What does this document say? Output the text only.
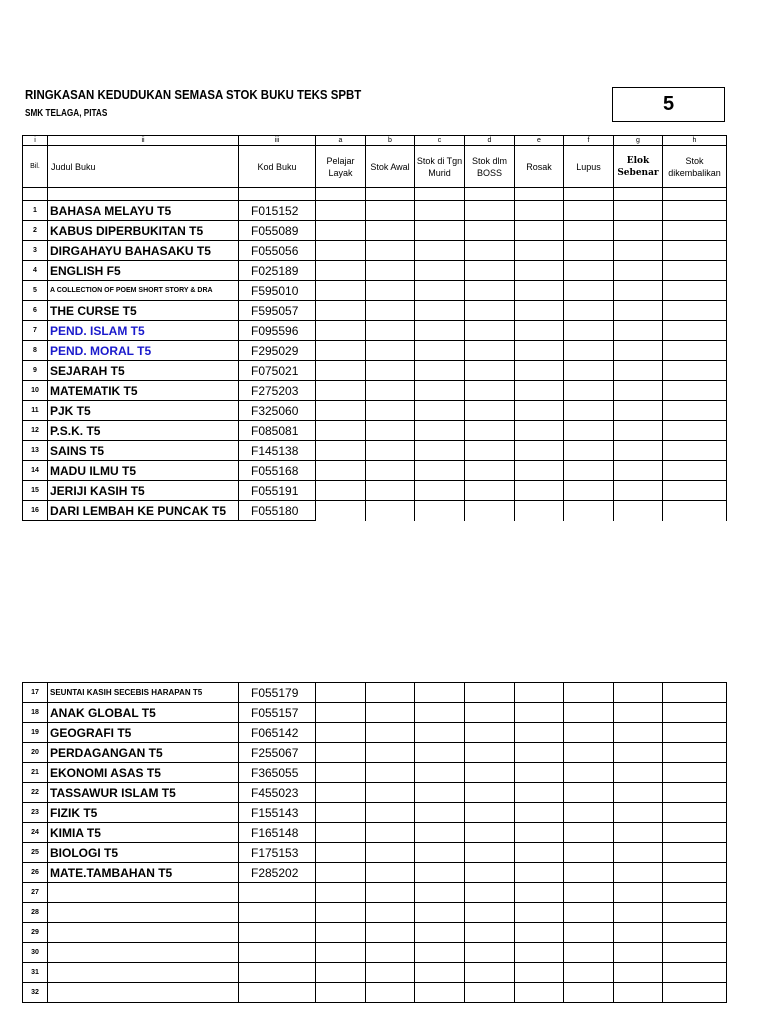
RINGKASAN KEDUDUKAN SEMASA STOK BUKU TEKS SPBT
SMK TELAGA, PITAS	5
i	ii	iii	a	b	c	d	e	f	g	h
Bil.	Judul Buku	Kod Buku	Pelajar Layak	Stok Awal	Stok di Tgn Murid	Stok dlm BOSS	Rosak	Lupus	Elok Sebenar	Stok dikembalikan

1	BAHASA MELAYU T5	F015152								
2	KABUS DIPERBUKITAN T5	F055089								
3	DIRGAHAYU BAHASAKU T5	F055056								
4	ENGLISH F5	F025189								
5	A COLLECTION OF POEM SHORT STORY & DRA	F595010								
6	THE CURSE T5	F595057								
7	PEND. ISLAM T5	F095596								
8	PEND. MORAL T5	F295029								
9	SEJARAH T5	F075021								
10	MATEMATIK T5	F275203								
11	PJK T5	F325060								
12	P.S.K. T5	F085081								
13	SAINS T5	F145138								
14	MADU ILMU T5	F055168								
15	JERIJI KASIH T5	F055191								
16	DARI LEMBAH KE PUNCAK T5	F055180								
17	SEUNTAI KASIH SECEBIS HARAPAN T5	F055179								
18	ANAK GLOBAL T5	F055157								
19	GEOGRAFI T5	F065142								
20	PERDAGANGAN T5	F255067								
21	EKONOMI ASAS T5	F365055								
22	TASSAWUR ISLAM T5	F455023								
23	FIZIK T5	F155143								
24	KIMIA T5	F165148								
25	BIOLOGI T5	F175153								
26	MATE.TAMBAHAN T5	F285202								
27										
28										
29										
30										
31										
32										
